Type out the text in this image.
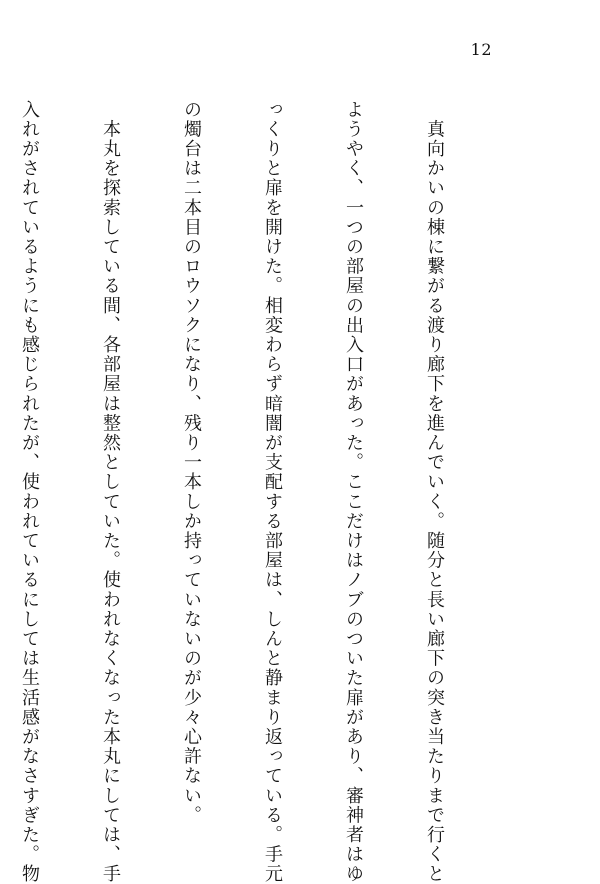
12

　真向かいの棟に繋がる渡り廊下を進んでいく。随分と長い廊下の突き当たりまで行くと

ようやく、一つの部屋の出入口があった。ここだけはノブのついた扉があり、審神者はゆ

っくりと扉を開けた。相変わらず暗闇が支配する部屋は、しんと静まり返っている。手元

の燭台は二本目のロウソクになり、残り一本しか持っていないのが少々心許ない。

　本丸を探索している間、各部屋は整然としていた。使われなくなった本丸にしては、手

入れがされているようにも感じられたが、使われているにしては生活感がなさすぎた。物
